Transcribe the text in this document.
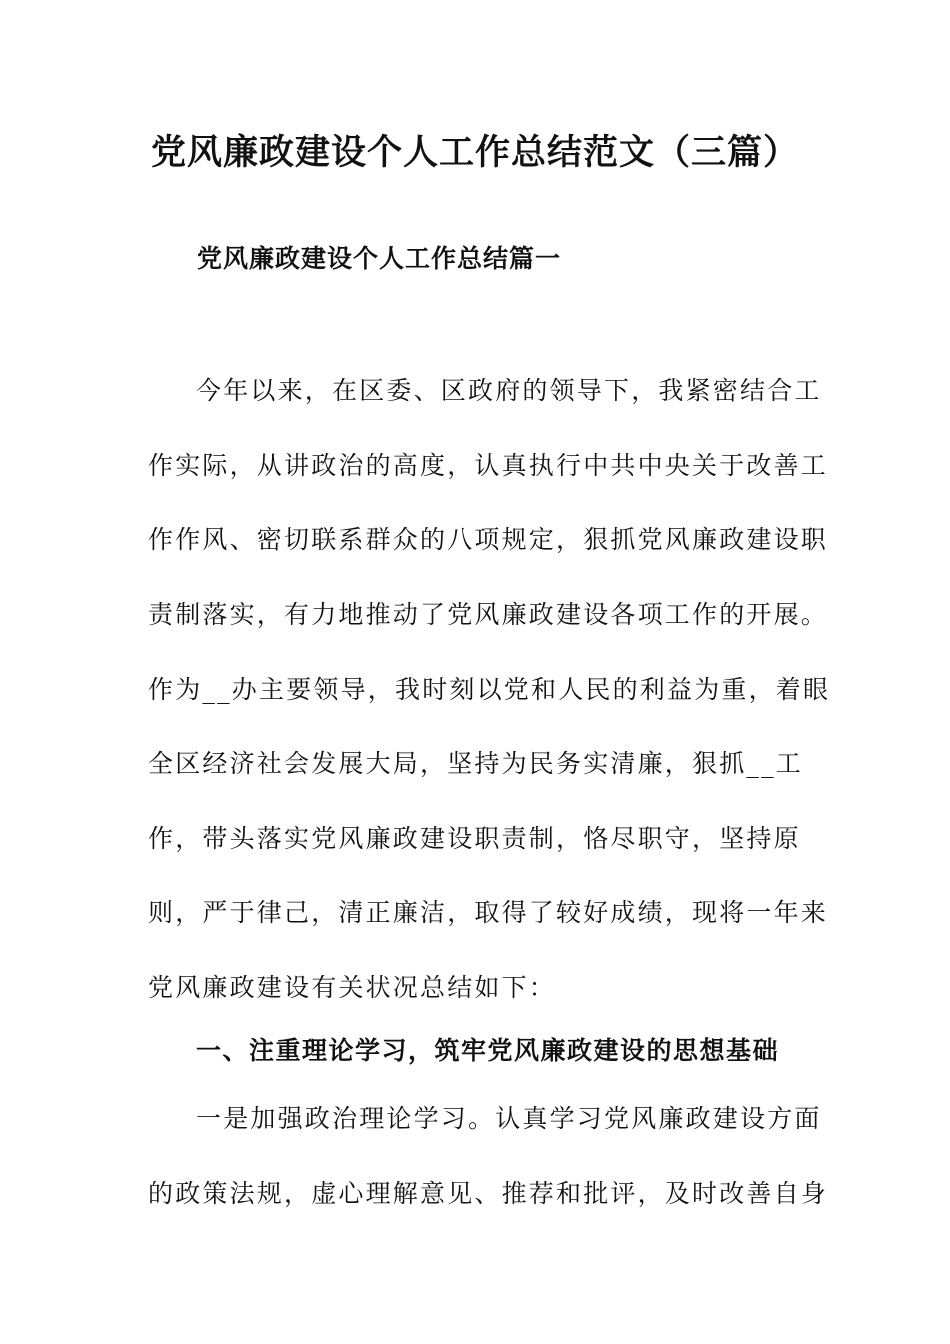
党风廉政建设个人工作总结范文（三篇）
党风廉政建设个人工作总结篇一
今年以来，在区委、区政府的领导下，我紧密结合工
作实际，从讲政治的高度，认真执行中共中央关于改善工
作作风、密切联系群众的八项规定，狠抓党风廉政建设职
责制落实，有力地推动了党风廉政建设各项工作的开展。
作为__办主要领导，我时刻以党和人民的利益为重，着眼
全区经济社会发展大局，坚持为民务实清廉，狠抓__工
作，带头落实党风廉政建设职责制，恪尽职守，坚持原
则，严于律己，清正廉洁，取得了较好成绩，现将一年来
党风廉政建设有关状况总结如下：
一、注重理论学习，筑牢党风廉政建设的思想基础
一是加强政治理论学习。认真学习党风廉政建设方面
的政策法规，虚心理解意见、推荐和批评，及时改善自身
